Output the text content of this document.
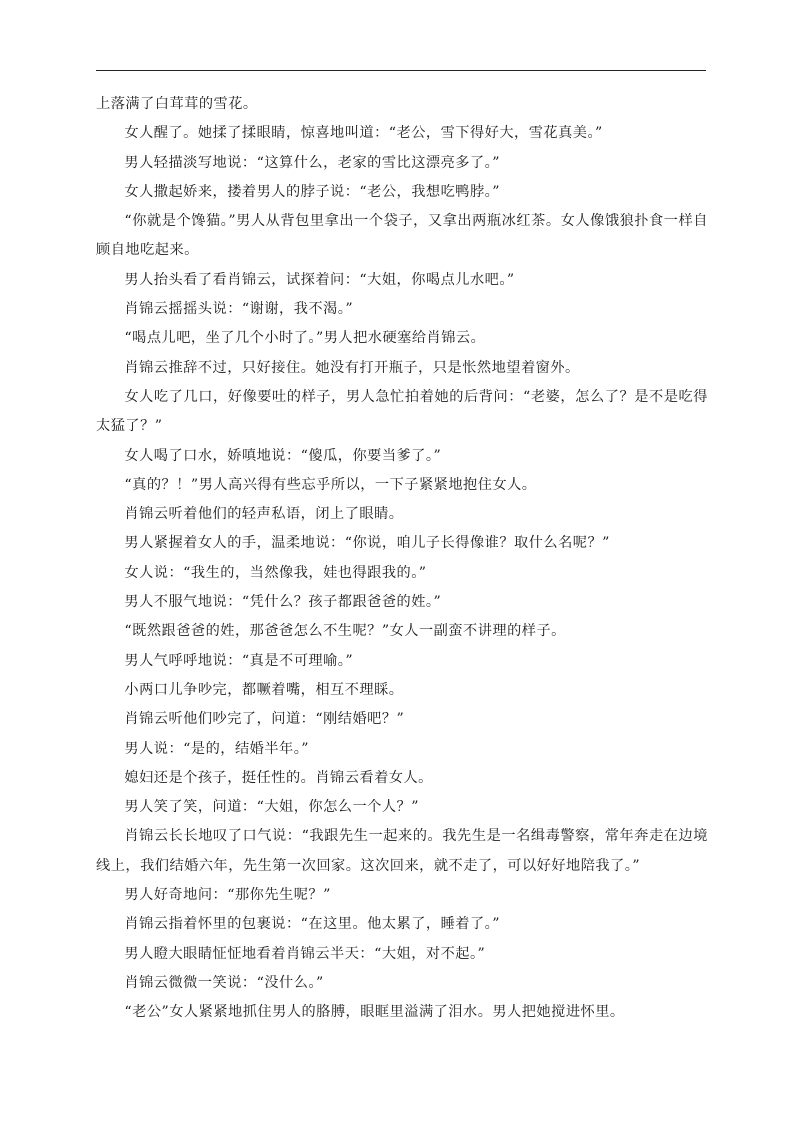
上落满了白茸茸的雪花。

女人醒了。她揉了揉眼睛，惊喜地叫道：“老公，雪下得好大，雪花真美。”

男人轻描淡写地说：“这算什么，老家的雪比这漂亮多了。”

女人撒起娇来，搂着男人的脖子说：“老公，我想吃鸭脖。”

“你就是个馋猫。”男人从背包里拿出一个袋子，又拿出两瓶冰红茶。女人像饿狼扑食一样自顾自地吃起来。

男人抬头看了看肖锦云，试探着问：“大姐，你喝点儿水吧。”

肖锦云摇摇头说：“谢谢，我不渴。”

“喝点儿吧，坐了几个小时了。”男人把水硬塞给肖锦云。

肖锦云推辞不过，只好接住。她没有打开瓶子，只是怅然地望着窗外。

女人吃了几口，好像要吐的样子，男人急忙拍着她的后背问：“老婆，怎么了？是不是吃得太猛了？”

女人喝了口水，娇嗔地说：“傻瓜，你要当爹了。”

“真的？！”男人高兴得有些忘乎所以，一下子紧紧地抱住女人。

肖锦云听着他们的轻声私语，闭上了眼睛。

男人紧握着女人的手，温柔地说：“你说，咱儿子长得像谁？取什么名呢？”

女人说：“我生的，当然像我，娃也得跟我的。”

男人不服气地说：“凭什么？孩子都跟爸爸的姓。”

“既然跟爸爸的姓，那爸爸怎么不生呢？”女人一副蛮不讲理的样子。

男人气呼呼地说：“真是不可理喻。”

小两口儿争吵完，都噘着嘴，相互不理睬。

肖锦云听他们吵完了，问道：“刚结婚吧？”

男人说：“是的，结婚半年。”

媳妇还是个孩子，挺任性的。肖锦云看着女人。

男人笑了笑，问道：“大姐，你怎么一个人？”

肖锦云长长地叹了口气说：“我跟先生一起来的。我先生是一名缉毒警察，常年奔走在边境线上，我们结婚六年，先生第一次回家。这次回来，就不走了，可以好好地陪我了。”

男人好奇地问：“那你先生呢？”

肖锦云指着怀里的包裹说：“在这里。他太累了，睡着了。”

男人瞪大眼睛怔怔地看着肖锦云半天：“大姐，对不起。”

肖锦云微微一笑说：“没什么。”

“老公”女人紧紧地抓住男人的胳膊，眼眶里溢满了泪水。男人把她搅进怀里。
